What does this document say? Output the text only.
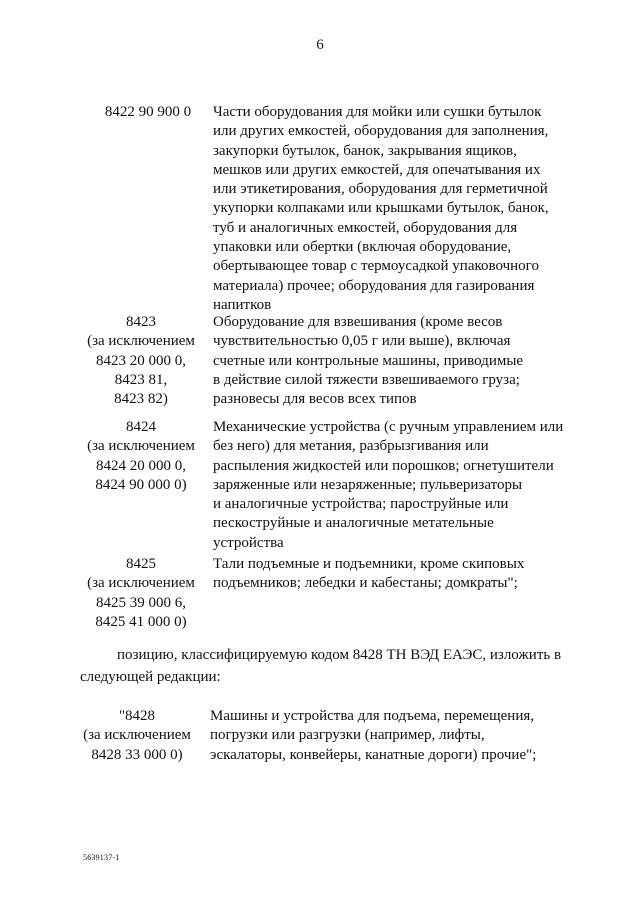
6
8422 90 900 0	Части оборудования для мойки или сушки бутылок
или других емкостей, оборудования для заполнения,
закупорки бутылок, банок, закрывания ящиков,
мешков или других емкостей, для опечатывания их
или этикетирования, оборудования для герметичной
укупорки колпаками или крышками бутылок, банок,
туб и аналогичных емкостей, оборудования для
упаковки или обертки (включая оборудование,
обертывающее товар с термоусадкой упаковочного
материала) прочее; оборудования для газирования
напитков
8423
(за исключением
8423 20 000 0,
8423 81,
8423 82)
Оборудование для взвешивания (кроме весов
чувствительностью 0,05 г или выше), включая
счетные или контрольные машины, приводимые
в действие силой тяжести взвешиваемого груза;
разновесы для весов всех типов
8424
(за исключением
8424 20 000 0,
8424 90 000 0)
Механические устройства (с ручным управлением или
без него) для метания, разбрызгивания или
распыления жидкостей или порошков; огнетушители
заряженные или незаряженные; пульверизаторы
и аналогичные устройства; пароструйные или
пескоструйные и аналогичные метательные
устройства
8425
(за исключением
8425 39 000 6,
8425 41 000 0)
Тали подъемные и подъемники, кроме скиповых
подъемников; лебедки и кабестаны; домкраты";
позицию, классифицируемую кодом 8428 ТН ВЭД ЕАЭС, изложить в
следующей редакции:
"8428
(за исключением
8428 33 000 0)
Машины и устройства для подъема, перемещения,
погрузки или разгрузки (например, лифты,
эскалаторы, конвейеры, канатные дороги) прочие";
5639137-1
